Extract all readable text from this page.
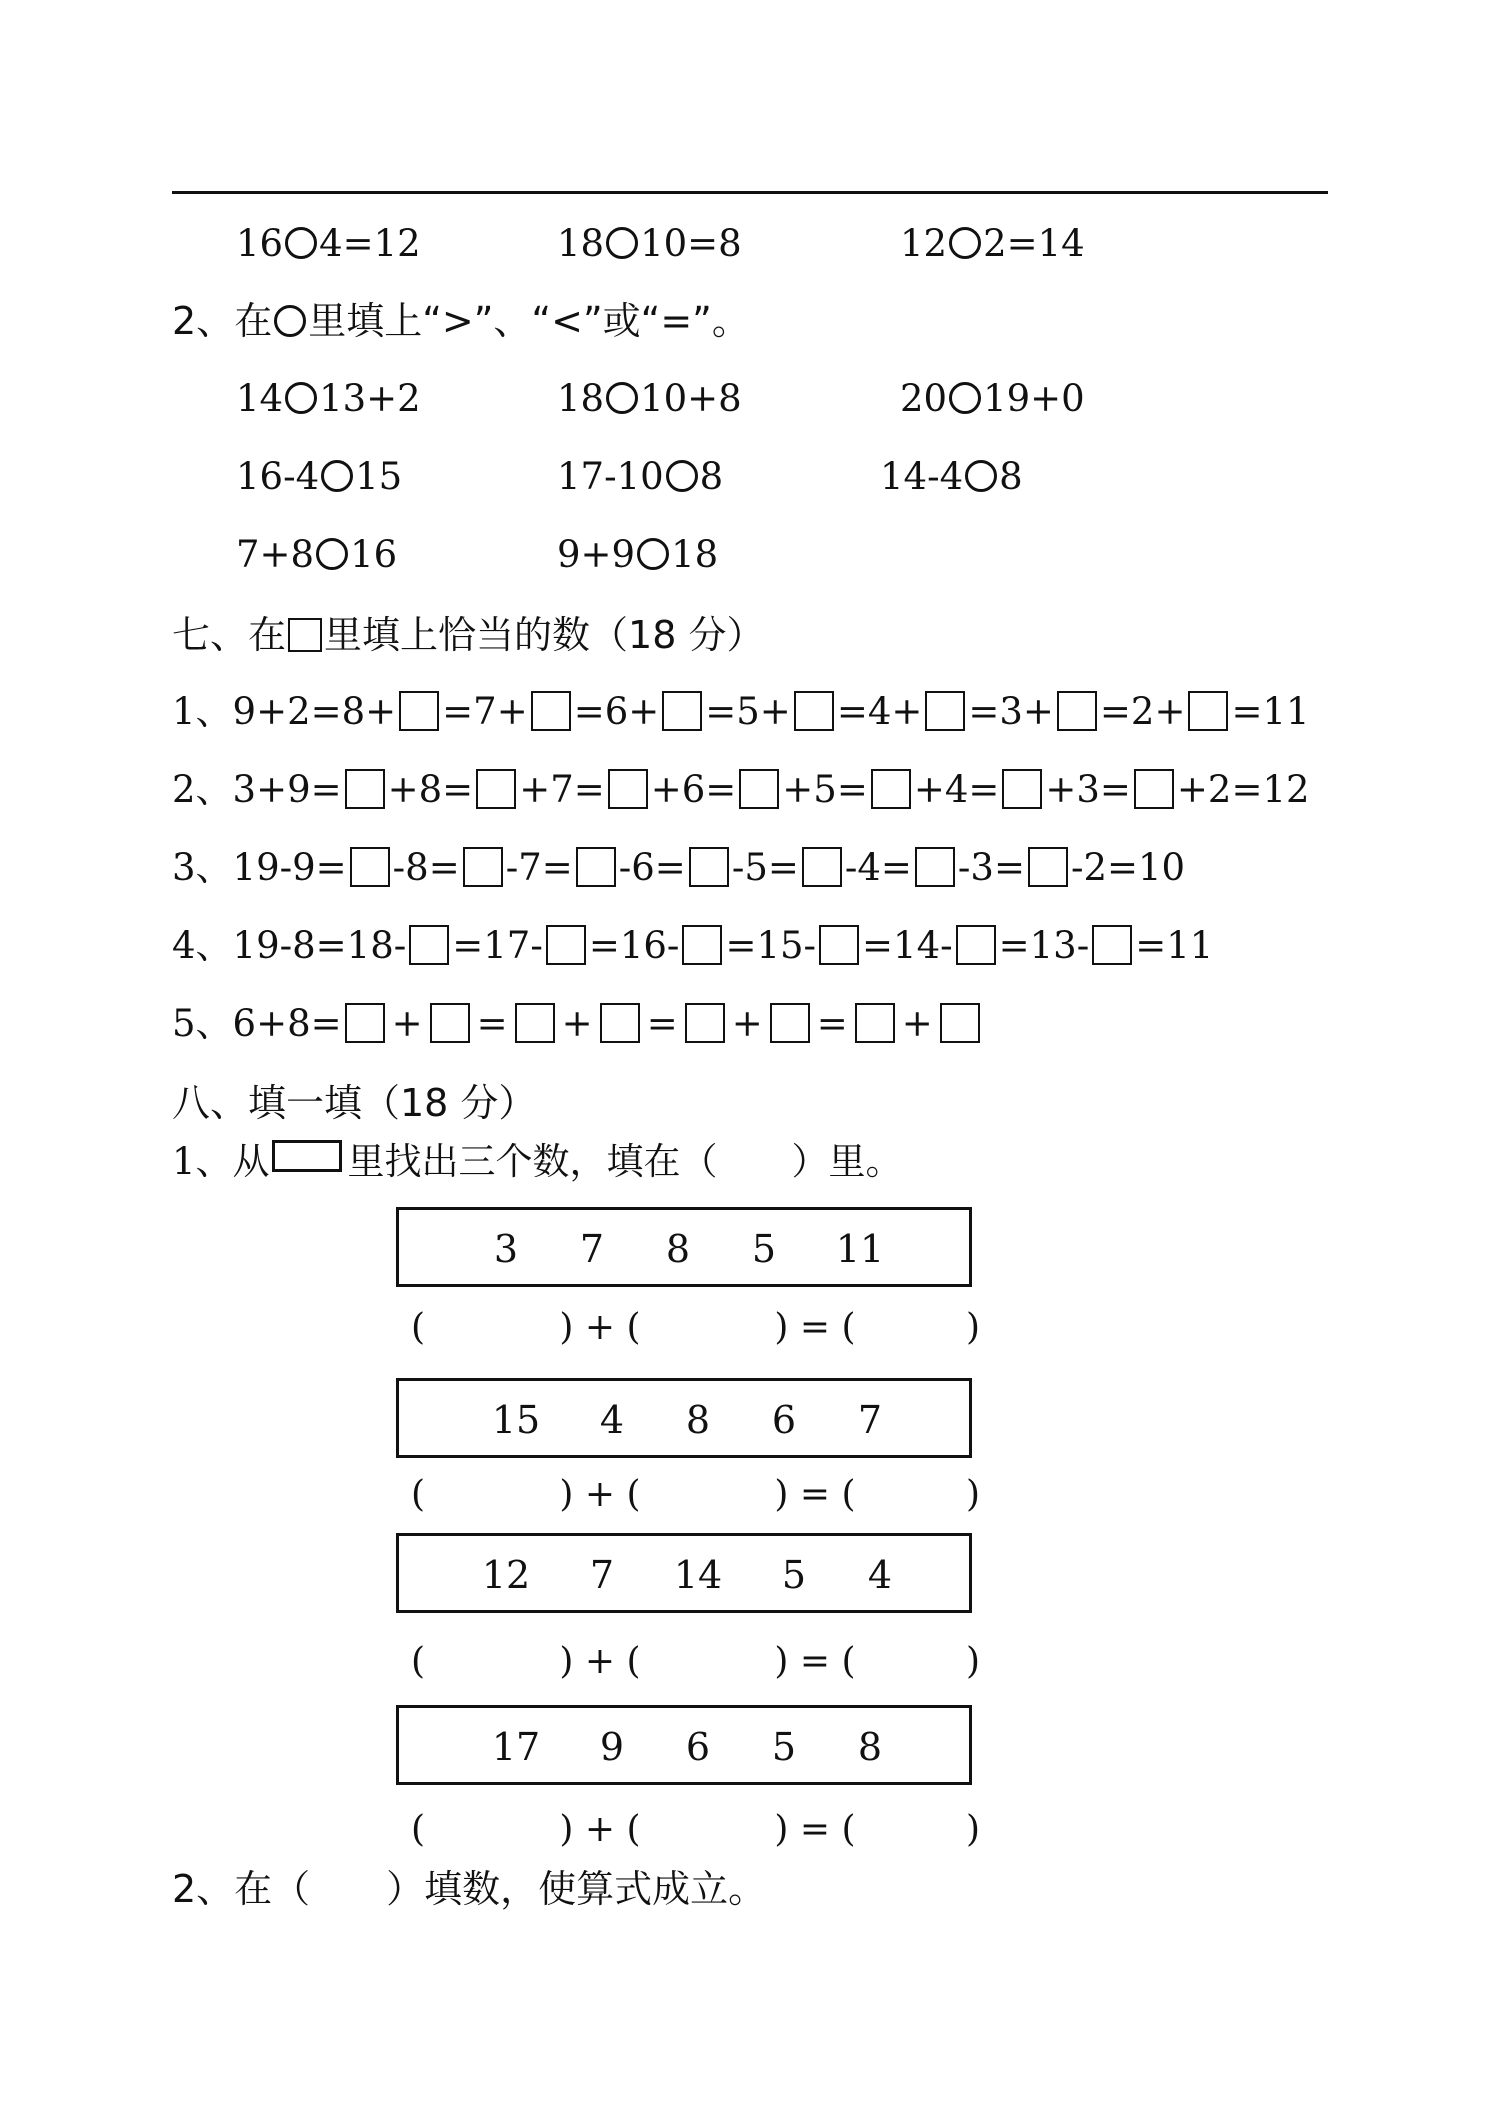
16 4=12	18 10=8	12 2=14
2、在 里填上“>”、“<”或“=”。
14 13+2	18 10+8	20 19+0
16-4 15	17-10 8	14-4 8
7+8 16	9+9 18
七、在 里填上恰当的数（18 分）
1、9+2=8+ =7+ =6+ =5+ =4+ =3+ =2+ =11
2、3+9= +8= +7= +6= +5= +4= +3= +2=12
3、19-9= -8= -7= -6= -5= -4= -3= -2=10
4、19-8=18- =17- =16- =15- =14- =13- =11
5、6+8= + = + = + = +
八、填一填（18 分）
1、从 里找出三个数，填在（　　）里。
3 7 8 5 11
(	) + (	) = (	)
15 4 8 6 7
(	) + (	) = (	)
12 7 14 5 4
(	) + (	) = (	)
17 9 6 5 8
(	) + (	) = (	)
2、在（　　）填数，使算式成立。
